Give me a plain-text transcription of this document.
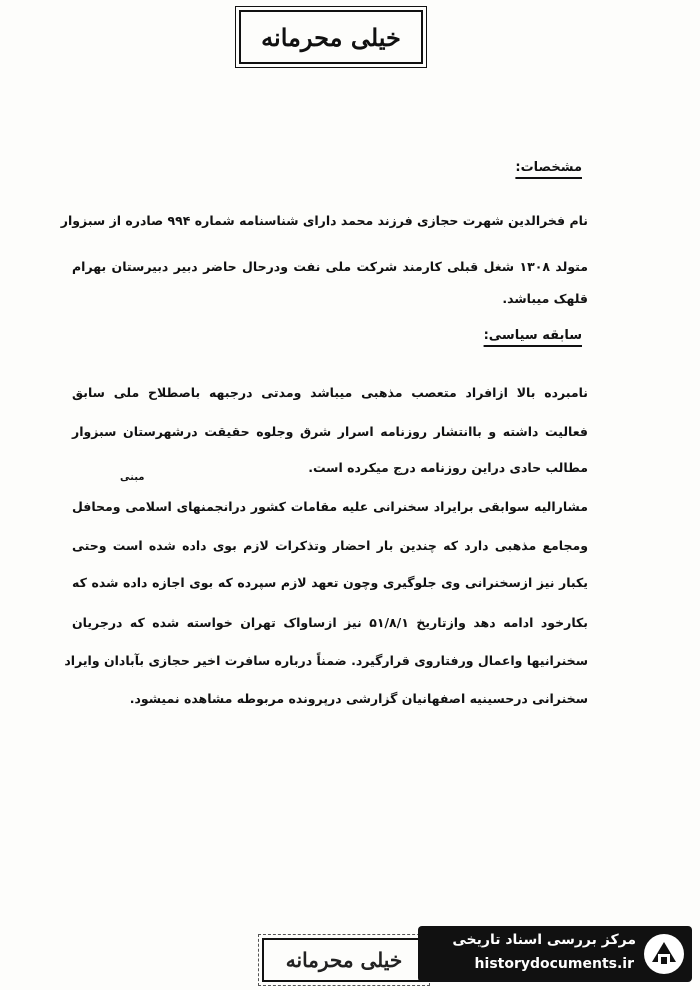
خیلی محرمانه
مشخصات:
نام فخرالدین شهرت حجازی فرزند محمد دارای شناسنامه شماره ۹۹۴ صادره از سبزوار
متولد ۱۳۰۸ شغل قبلی کارمند شرکت ملی نفت ودرحال حاضر دبیر دبیرستان بهرام
قلهک میباشد.
سابقه سیاسی:
نامبرده بالا ازافراد متعصب مذهبی میباشد ومدتی درجبهه باصطلاح ملی سابق
فعالیت داشته و باانتشار روزنامه اسرار شرق وجلوه حقیقت درشهرستان سبزوار
مطالب حادی دراین روزنامه درج میکرده است.
مبنی
مشارالیه سوابقی برایراد سخنرانی علیه مقامات کشور درانجمنهای اسلامی ومحافل
ومجامع مذهبی دارد که چندین بار احضار وتذکرات لازم بوی داده شده است وحتی
یکبار نیز ازسخنرانی وی جلوگیری وچون تعهد لازم سپرده که بوی اجازه داده شده که
بکارخود ادامه دهد وازتاریخ ۵۱/۸/۱ نیز ازساواک تهران خواسته شده که درجریان
سخنرانیها واعمال ورفتاروی قرارگیرد. ضمناً درباره سافرت اخیر حجازی بآبادان وایراد
سخنرانی درحسینیه اصفهانیان گزارشی درپرونده مربوطه مشاهده نمیشود.
خیلی محرمانه
مرکز بررسی اسناد تاریخی
historydocuments.ir
